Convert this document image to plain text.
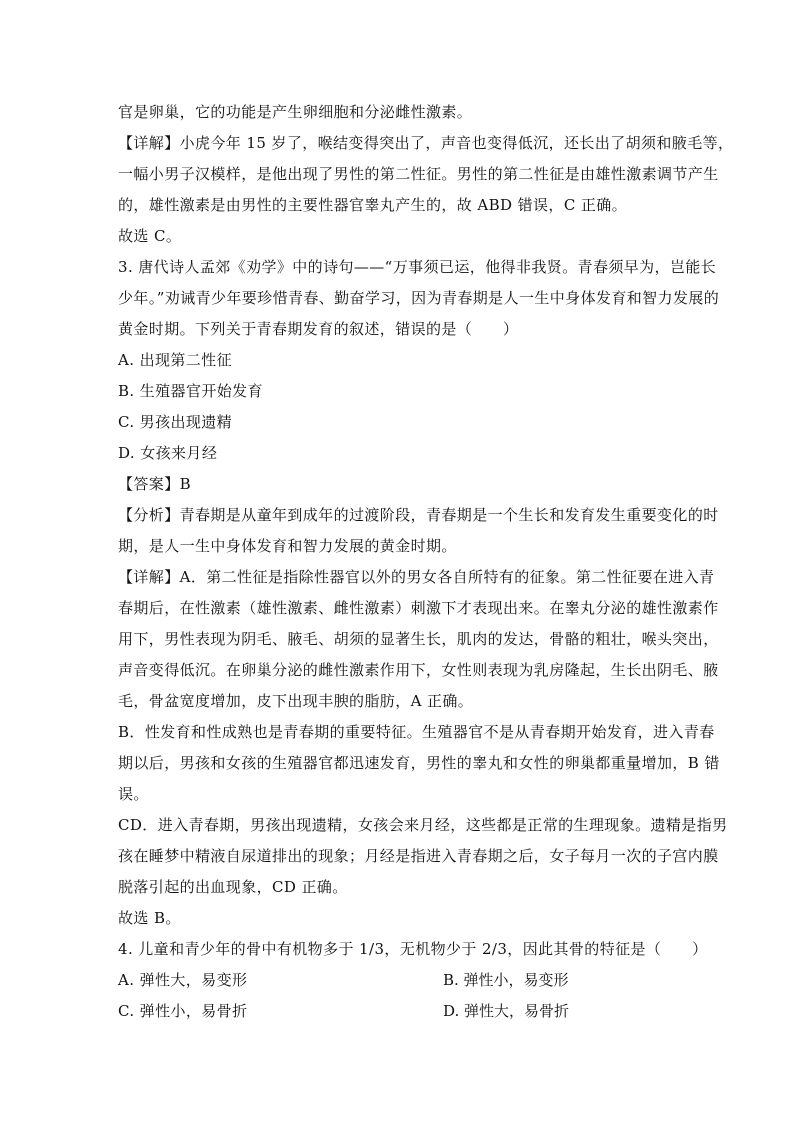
官是卵巢，它的功能是产生卵细胞和分泌雌性激素。
【详解】小虎今年 15 岁了，喉结变得突出了，声音也变得低沉，还长出了胡须和腋毛等，
一幅小男子汉模样，是他出现了男性的第二性征。男性的第二性征是由雄性激素调节产生
的，雄性激素是由男性的主要性器官睾丸产生的，故 ABD 错误，C 正确。
故选 C。
3. 唐代诗人孟郊《劝学》中的诗句——“万事须已运，他得非我贤。青春须早为，岂能长
少年。”劝诫青少年要珍惜青春、勤奋学习，因为青春期是人一生中身体发育和智力发展的
黄金时期。下列关于青春期发育的叙述，错误的是（　　）
A. 出现第二性征
B. 生殖器官开始发育
C. 男孩出现遗精
D. 女孩来月经
【答案】B
【分析】青春期是从童年到成年的过渡阶段，青春期是一个生长和发育发生重要变化的时
期，是人一生中身体发育和智力发展的黄金时期。
【详解】A．第二性征是指除性器官以外的男女各自所特有的征象。第二性征要在进入青
春期后，在性激素（雄性激素、雌性激素）刺激下才表现出来。在睾丸分泌的雄性激素作
用下，男性表现为阴毛、腋毛、胡须的显著生长，肌肉的发达，骨骼的粗壮，喉头突出，
声音变得低沉。在卵巢分泌的雌性激素作用下，女性则表现为乳房隆起，生长出阴毛、腋
毛，骨盆宽度增加，皮下出现丰腴的脂肪，A 正确。
B．性发育和性成熟也是青春期的重要特征。生殖器官不是从青春期开始发育，进入青春
期以后，男孩和女孩的生殖器官都迅速发育，男性的睾丸和女性的卵巢都重量增加，B 错
误。
CD．进入青春期，男孩出现遗精，女孩会来月经，这些都是正常的生理现象。遗精是指男
孩在睡梦中精液自尿道排出的现象；月经是指进入青春期之后，女子每月一次的子宫内膜
脱落引起的出血现象，CD 正确。
故选 B。
4. 儿童和青少年的骨中有机物多于 1/3，无机物少于 2/3，因此其骨的特征是（　　）
A. 弹性大，易变形	B. 弹性小，易变形
C. 弹性小，易骨折	D. 弹性大，易骨折
